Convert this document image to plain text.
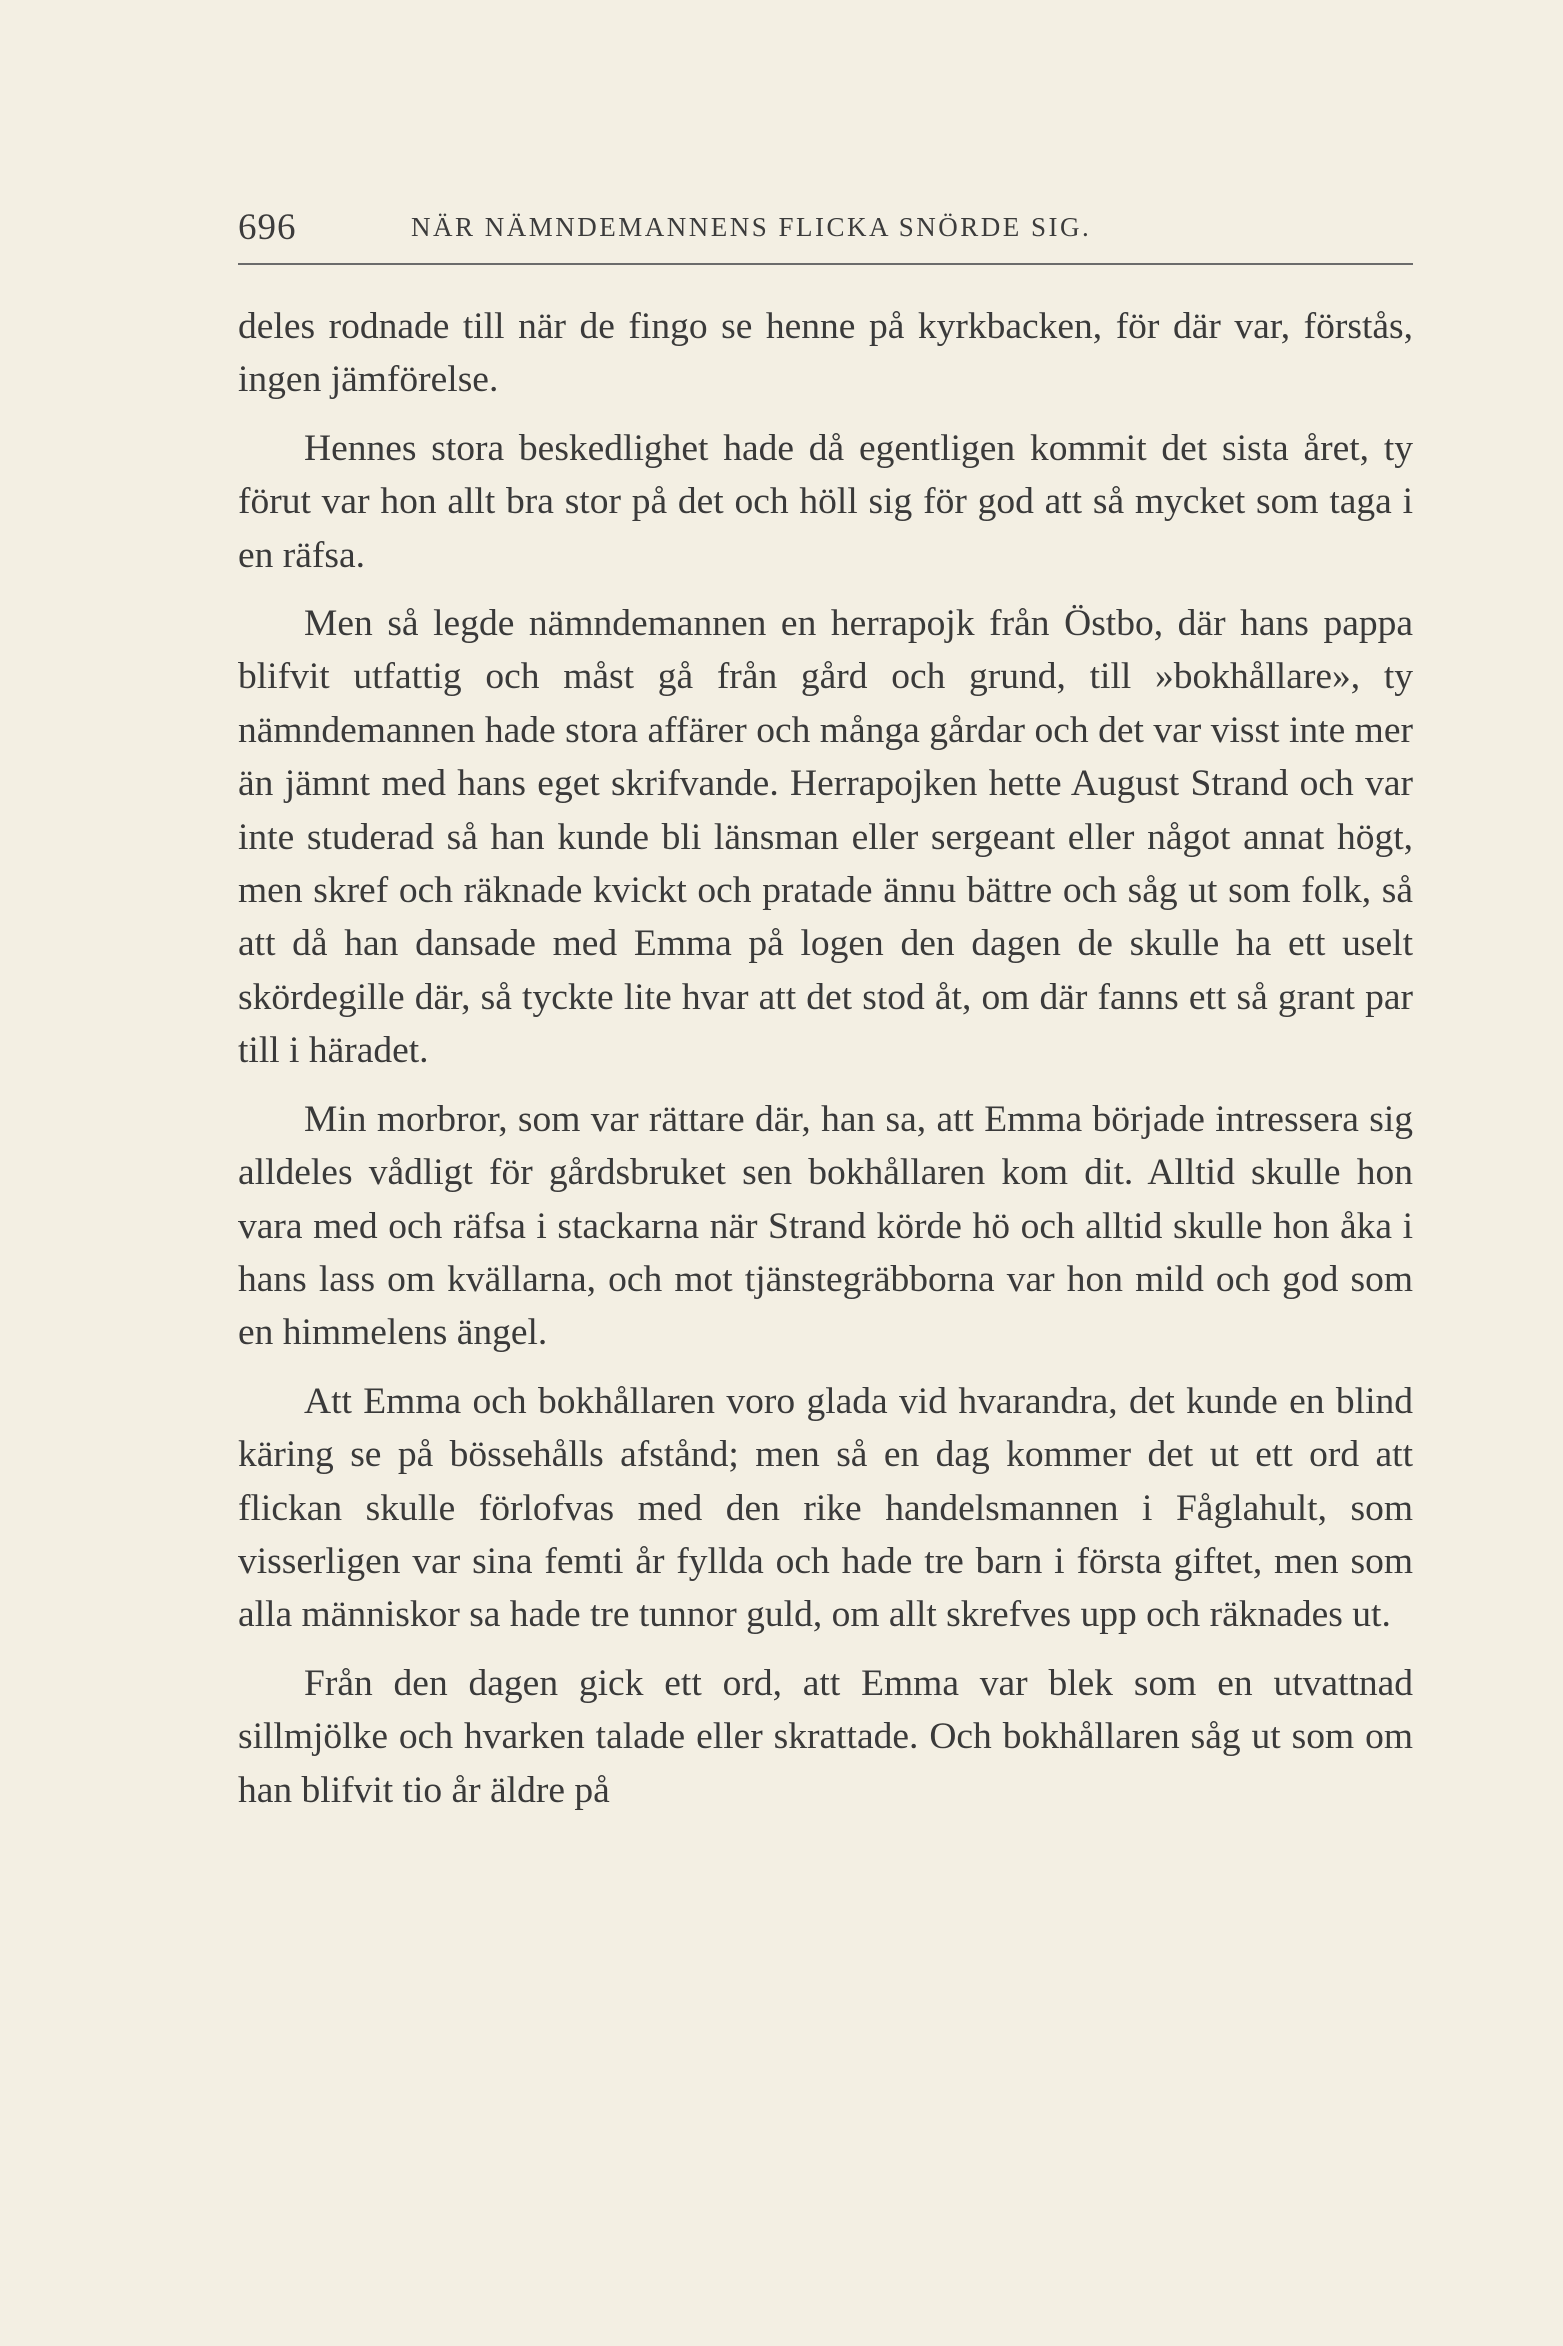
696	NÄR NÄMNDEMANNENS FLICKA SNÖRDE SIG.

deles rodnade till när de fingo se henne på kyrkbacken, för där var, förstås, ingen jämförelse.

Hennes stora beskedlighet hade då egentligen kommit det sista året, ty förut var hon allt bra stor på det och höll sig för god att så mycket som taga i en räfsa.

Men så legde nämndemannen en herrapojk från Östbo, där hans pappa blifvit utfattig och måst gå från gård och grund, till »bokhållare», ty nämndemannen hade stora affärer och många gårdar och det var visst inte mer än jämnt med hans eget skrifvande. Herrapojken hette August Strand och var inte studerad så han kunde bli länsman eller sergeant eller något annat högt, men skref och räknade kvickt och pratade ännu bättre och såg ut som folk, så att då han dansade med Emma på logen den dagen de skulle ha ett uselt skördegille där, så tyckte lite hvar att det stod åt, om där fanns ett så grant par till i häradet.

Min morbror, som var rättare där, han sa, att Emma började intressera sig alldeles vådligt för gårdsbruket sen bokhållaren kom dit. Alltid skulle hon vara med och räfsa i stackarna när Strand körde hö och alltid skulle hon åka i hans lass om kvällarna, och mot tjänstegräbborna var hon mild och god som en himmelens ängel.

Att Emma och bokhållaren voro glada vid hvarandra, det kunde en blind käring se på bössehålls afstånd; men så en dag kommer det ut ett ord att flickan skulle förlofvas med den rike handelsmannen i Fåglahult, som visserligen var sina femti år fyllda och hade tre barn i första giftet, men som alla människor sa hade tre tunnor guld, om allt skrefves upp och räknades ut.

Från den dagen gick ett ord, att Emma var blek som en utvattnad sillmjölke och hvarken talade eller skrattade. Och bokhållaren såg ut som om han blifvit tio år äldre på
